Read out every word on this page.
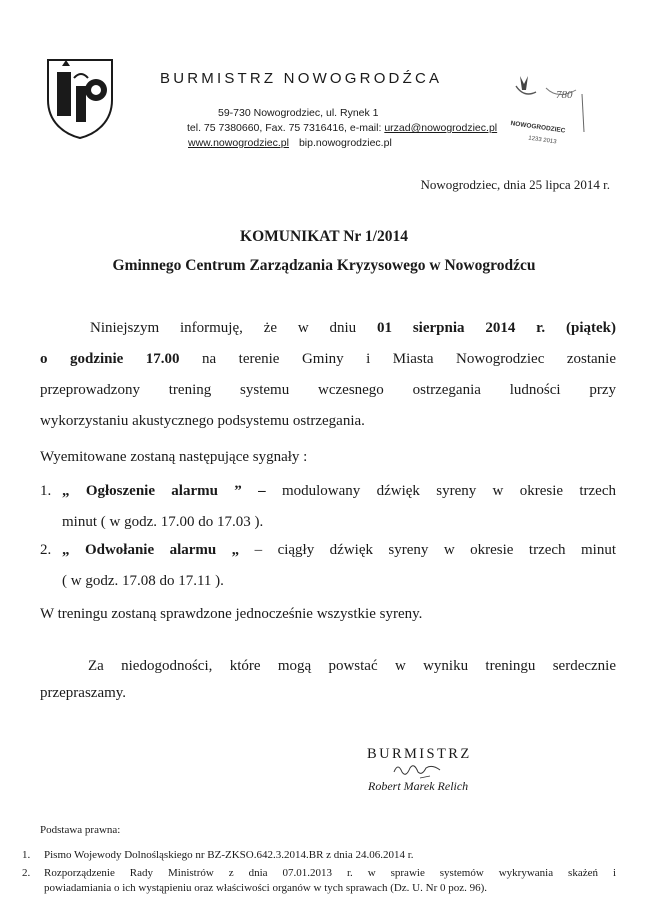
BURMISTRZ NOWOGRODŹCA
59-730 Nowogrodziec, ul. Rynek 1
tel. 75 7380660, Fax. 75 7316416, e-mail: urzad@nowogrodziec.pl
www.nowogrodziec.pl bip.nowogrodziec.pl
780
NOWOGRODZIEC
1233 2013
Nowogrodziec, dnia 25 lipca 2014 r.
KOMUNIKAT Nr 1/2014
Gminnego Centrum Zarządzania Kryzysowego w Nowogrodźcu
Niniejszym informuję, że w dniu 01 sierpnia 2014 r. (piątek)
o godzinie 17.00 na terenie Gminy i Miasta Nowogrodziec zostanie
przeprowadzony trening systemu wczesnego ostrzegania ludności przy
wykorzystaniu akustycznego podsystemu ostrzegania.
Wyemitowane zostaną następujące sygnały :
1. „ Ogłoszenie alarmu ” – modulowany dźwięk syreny w okresie trzech
minut ( w godz. 17.00 do 17.03 ).
2. „ Odwołanie alarmu „ – ciągły dźwięk syreny w okresie trzech minut
( w godz. 17.08 do 17.11 ).
W treningu zostaną sprawdzone jednocześnie wszystkie syreny.
Za niedogodności, które mogą powstać w wyniku treningu serdecznie
przepraszamy.
BURMISTRZ
Robert Marek Relich
Podstawa prawna:
1. Pismo Wojewody Dolnośląskiego nr BZ-ZKSO.642.3.2014.BR z dnia 24.06.2014 r.
2. Rozporządzenie Rady Ministrów z dnia 07.01.2013 r. w sprawie systemów wykrywania skażeń i
powiadamiania o ich wystąpieniu oraz właściwości organów w tych sprawach (Dz. U. Nr 0 poz. 96).
